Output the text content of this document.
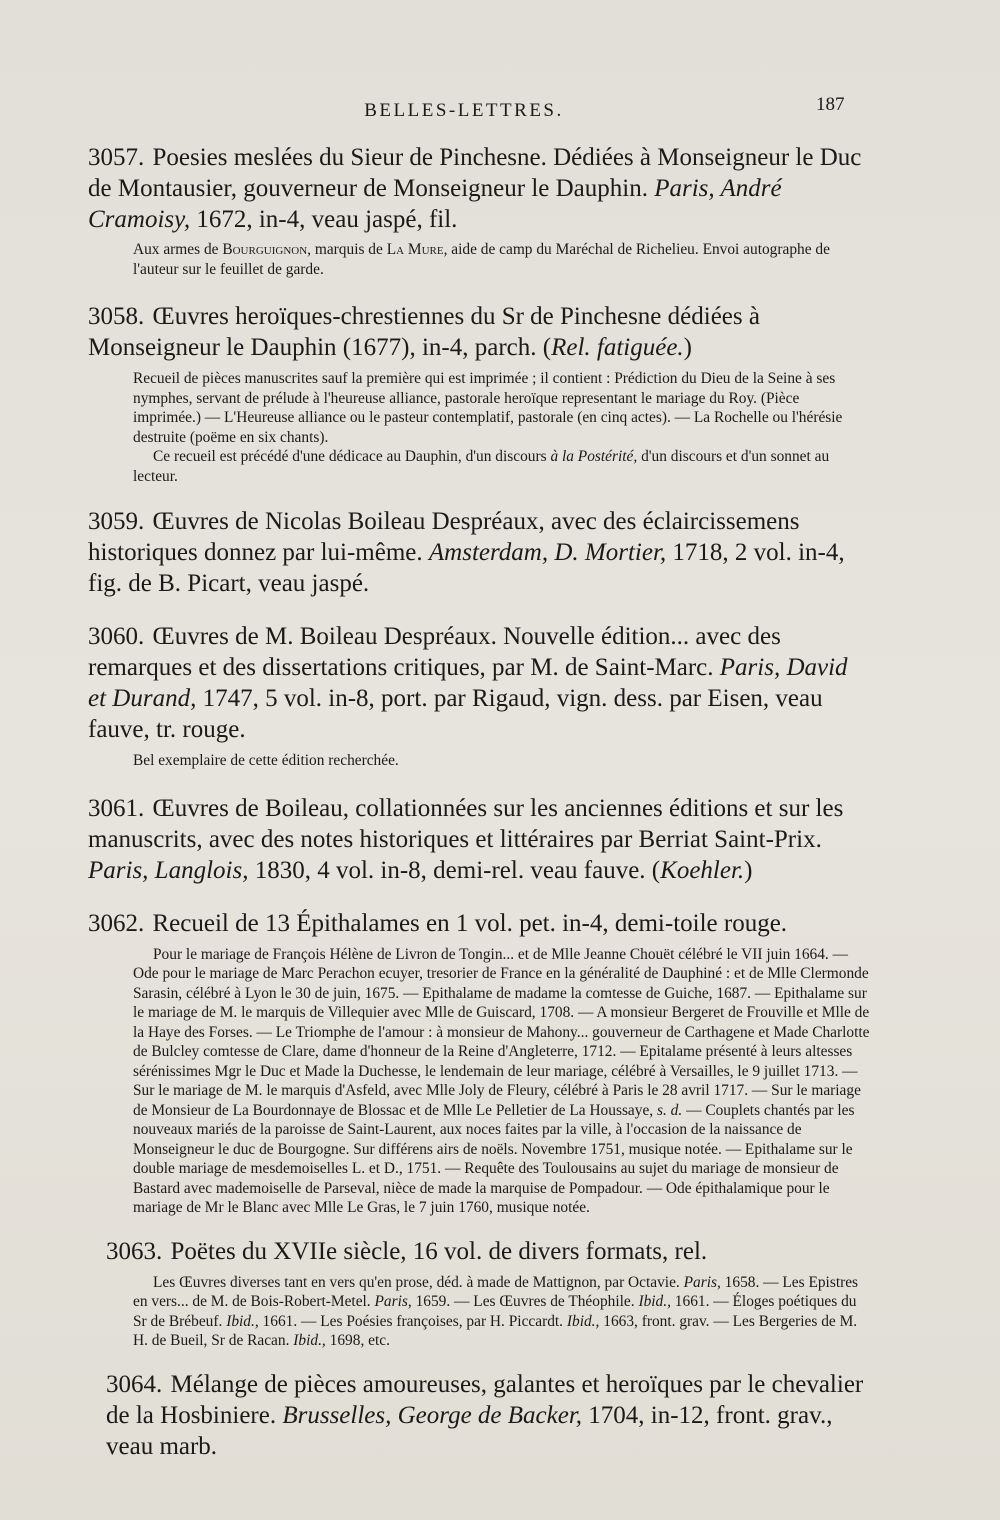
BELLES-LETTRES.	187

3057. Poesies meslées du Sieur de Pinchesne. Dédiées à Monseigneur le Duc de Montausier, gouverneur de Monseigneur le Dauphin. Paris, André Cramoisy, 1672, in-4, veau jaspé, fil.

Aux armes de Bourguignon, marquis de La Mure, aide de camp du Maréchal de Richelieu. Envoi autographe de l'auteur sur le feuillet de garde.

3058. Œuvres heroïques-chrestiennes du Sr de Pinchesne dédiées à Monseigneur le Dauphin (1677), in-4, parch. (Rel. fatiguée.)

Recueil de pièces manuscrites sauf la première qui est imprimée ; il contient : Prédiction du Dieu de la Seine à ses nymphes, servant de prélude à l'heureuse alliance, pastorale heroïque representant le mariage du Roy. (Pièce imprimée.) — L'Heureuse alliance ou le pasteur contemplatif, pastorale (en cinq actes). — La Rochelle ou l'hérésie destruite (poëme en six chants).

Ce recueil est précédé d'une dédicace au Dauphin, d'un discours à la Postérité, d'un discours et d'un sonnet au lecteur.

3059. Œuvres de Nicolas Boileau Despréaux, avec des éclaircissemens historiques donnez par lui-même. Amsterdam, D. Mortier, 1718, 2 vol. in-4, fig. de B. Picart, veau jaspé.

3060. Œuvres de M. Boileau Despréaux. Nouvelle édition... avec des remarques et des dissertations critiques, par M. de Saint-Marc. Paris, David et Durand, 1747, 5 vol. in-8, port. par Rigaud, vign. dess. par Eisen, veau fauve, tr. rouge.

Bel exemplaire de cette édition recherchée.

3061. Œuvres de Boileau, collationnées sur les anciennes éditions et sur les manuscrits, avec des notes historiques et littéraires par Berriat Saint-Prix. Paris, Langlois, 1830, 4 vol. in-8, demi-rel. veau fauve. (Koehler.)

3062. Recueil de 13 Épithalames en 1 vol. pet. in-4, demi-toile rouge.

Pour le mariage de François Hélène de Livron de Tongin... et de Mlle Jeanne Chouët célébré le VII juin 1664. — Ode pour le mariage de Marc Perachon ecuyer, tresorier de France en la généralité de Dauphiné : et de Mlle Clermonde Sarasin, célébré à Lyon le 30 de juin, 1675. — Epithalame de madame la comtesse de Guiche, 1687. — Epithalame sur le mariage de M. le marquis de Villequier avec Mlle de Guiscard, 1708. — A monsieur Bergeret de Frouville et Mlle de la Haye des Forses. — Le Triomphe de l'amour : à monsieur de Mahony... gouverneur de Carthagene et Made Charlotte de Bulcley comtesse de Clare, dame d'honneur de la Reine d'Angleterre, 1712. — Epitalame présenté à leurs altesses sérénissimes Mgr le Duc et Made la Duchesse, le lendemain de leur mariage, célébré à Versailles, le 9 juillet 1713. — Sur le mariage de M. le marquis d'Asfeld, avec Mlle Joly de Fleury, célébré à Paris le 28 avril 1717. — Sur le mariage de Monsieur de La Bourdonnaye de Blossac et de Mlle Le Pelletier de La Houssaye, s. d. — Couplets chantés par les nouveaux mariés de la paroisse de Saint-Laurent, aux noces faites par la ville, à l'occasion de la naissance de Monseigneur le duc de Bourgogne. Sur différens airs de noëls. Novembre 1751, musique notée. — Epithalame sur le double mariage de mesdemoiselles L. et D., 1751. — Requête des Toulousains au sujet du mariage de monsieur de Bastard avec mademoiselle de Parseval, nièce de made la marquise de Pompadour. — Ode épithalamique pour le mariage de Mr le Blanc avec Mlle Le Gras, le 7 juin 1760, musique notée.

3063. Poëtes du XVIIe siècle, 16 vol. de divers formats, rel.

Les Œuvres diverses tant en vers qu'en prose, déd. à made de Mattignon, par Octavie. Paris, 1658. — Les Epistres en vers... de M. de Bois-Robert-Metel. Paris, 1659. — Les Œuvres de Théophile. Ibid., 1661. — Éloges poétiques du Sr de Brébeuf. Ibid., 1661. — Les Poésies françoises, par H. Piccardt. Ibid., 1663, front. grav. — Les Bergeries de M. H. de Bueil, Sr de Racan. Ibid., 1698, etc.

3064. Mélange de pièces amoureuses, galantes et heroïques par le chevalier de la Hosbiniere. Brusselles, George de Backer, 1704, in-12, front. grav., veau marb.
